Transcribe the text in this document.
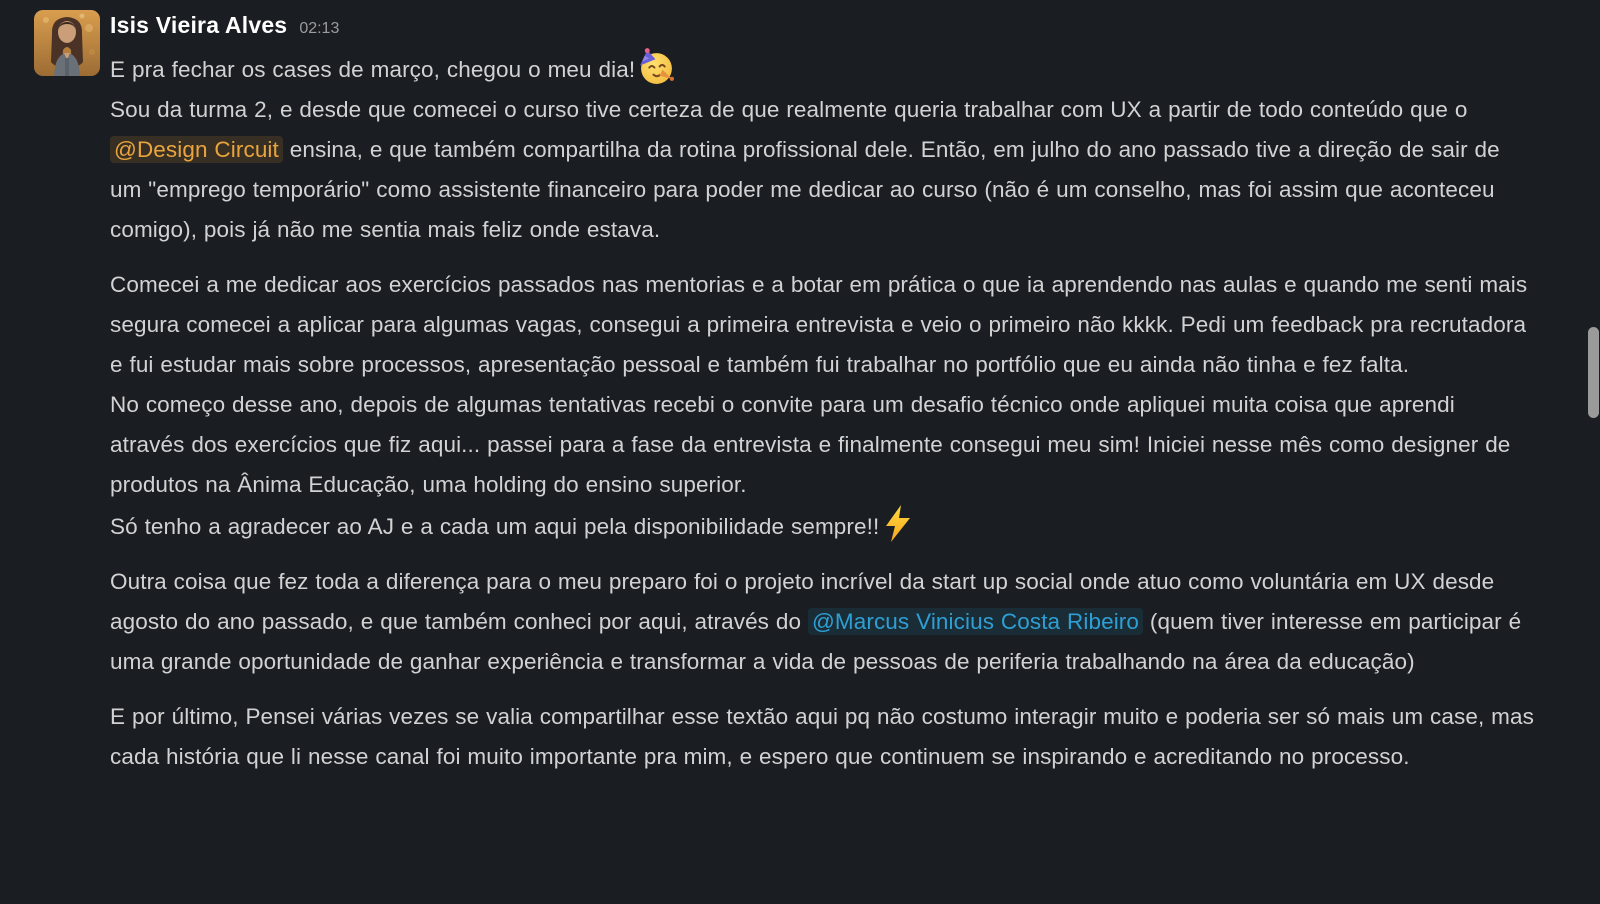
Isis Vieira Alves 02:13
E pra fechar os cases de março, chegou o meu dia!

Sou da turma 2, e desde que comecei o curso tive certeza de que realmente queria trabalhar com UX a partir de todo conteúdo que o @Design Circuit ensina, e que também compartilha da rotina profissional dele. Então, em julho do ano passado tive a direção de sair de um "emprego temporário" como assistente financeiro para poder me dedicar ao curso (não é um conselho, mas foi assim que aconteceu comigo), pois já não me sentia mais feliz onde estava.
Comecei a me dedicar aos exercícios passados nas mentorias e a botar em prática o que ia aprendendo nas aulas e quando me senti mais segura comecei a aplicar para algumas vagas, consegui a primeira entrevista e veio o primeiro não kkkk. Pedi um feedback pra recrutadora e fui estudar mais sobre processos, apresentação pessoal e também fui trabalhar no portfólio que eu ainda não tinha e fez falta.
No começo desse ano, depois de algumas tentativas recebi o convite para um desafio técnico onde apliquei muita coisa que aprendi através dos exercícios que fiz aqui... passei para a fase da entrevista e finalmente consegui meu sim! Iniciei nesse mês como designer de produtos na Ânima Educação, uma holding do ensino superior.
Só tenho a agradecer ao AJ e a cada um aqui pela disponibilidade sempre!!
Outra coisa que fez toda a diferença para o meu preparo foi o projeto incrível da start up social onde atuo como voluntária em UX desde agosto do ano passado, e que também conheci por aqui, através do @Marcus Vinicius Costa Ribeiro (quem tiver interesse em participar é uma grande oportunidade de ganhar experiência e transformar a vida de pessoas de periferia trabalhando na área da educação)
E por último, Pensei várias vezes se valia compartilhar esse textão aqui pq não costumo interagir muito e poderia ser só mais um case, mas cada história que li nesse canal foi muito importante pra mim, e espero que continuem se inspirando e acreditando no processo.
